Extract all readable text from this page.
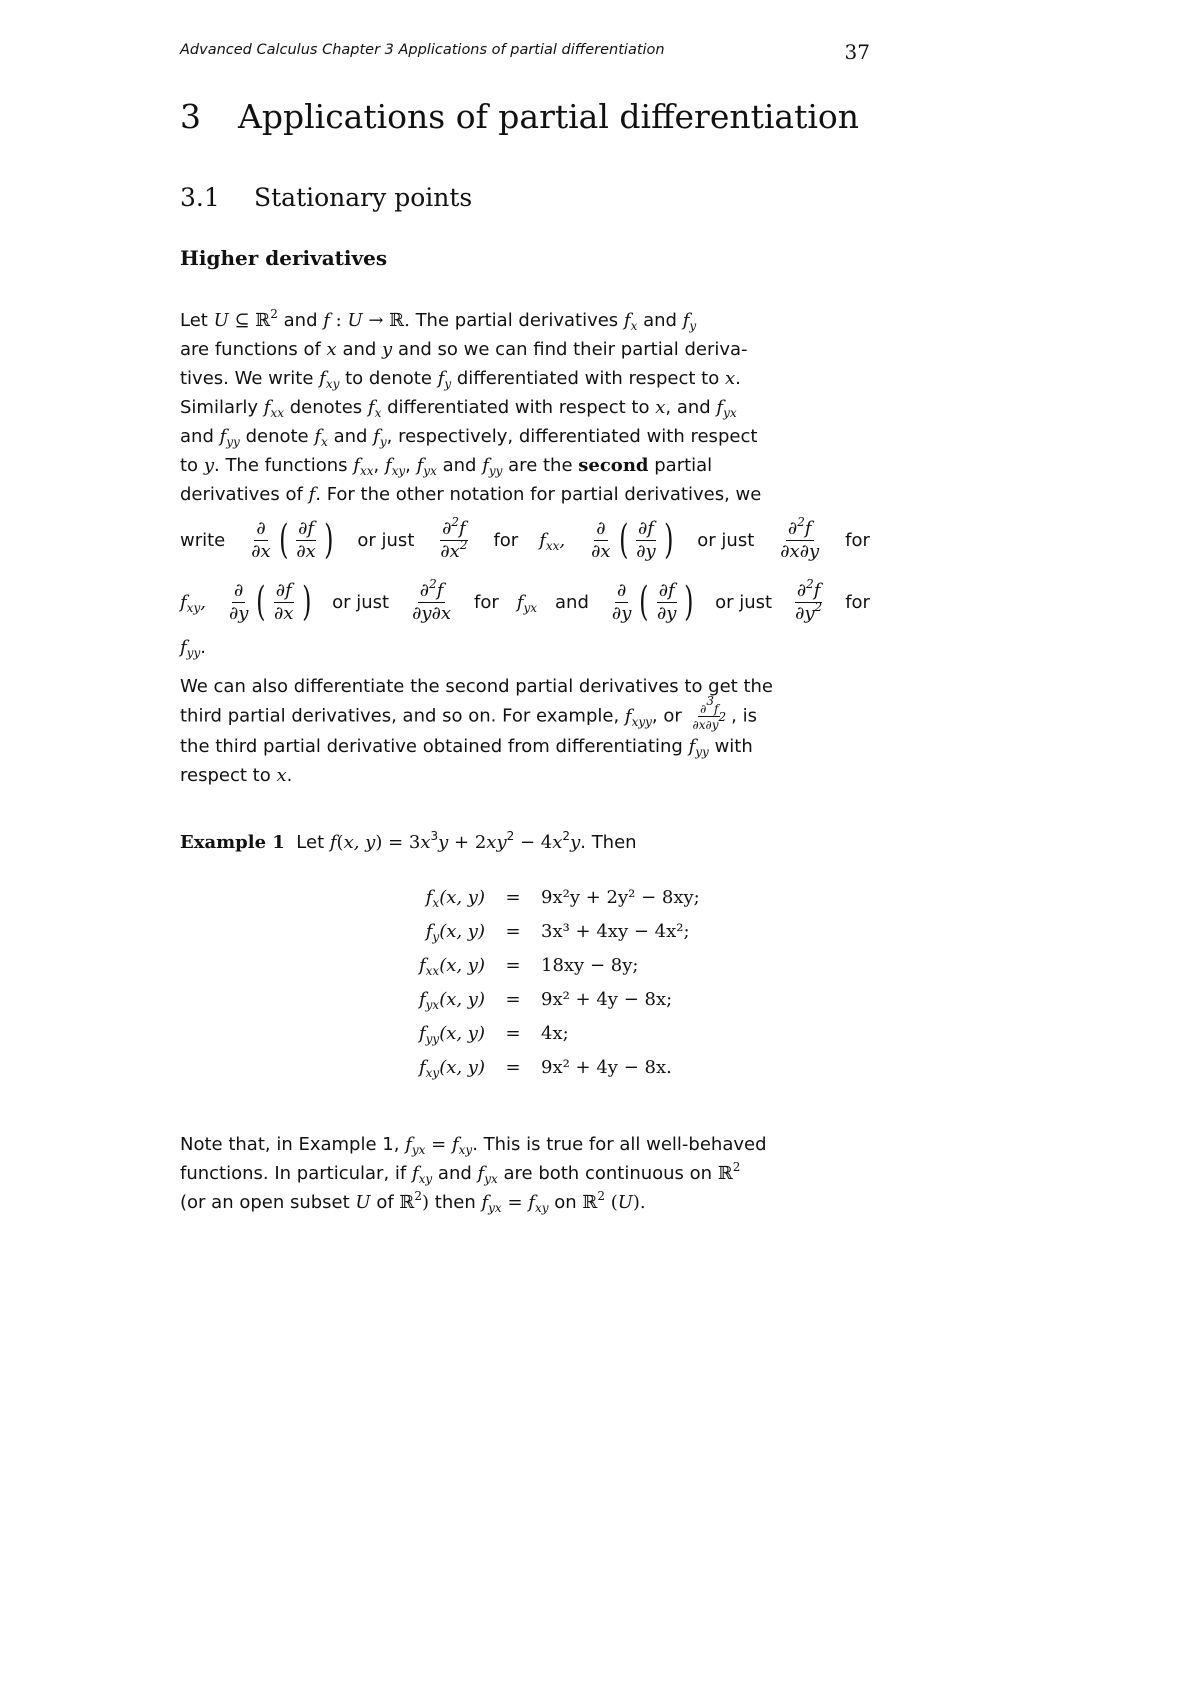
Advanced Calculus Chapter 3 Applications of partial differentiation	37
3 Applications of partial differentiation
3.1 Stationary points
Higher derivatives

Let U ⊆ ℝ$^2$ and f : U → ℝ. The partial derivatives $f_x$ and $f_y$

are functions of x and y and so we can find their partial deriva-

tives. We write $f_{xy}$ to denote $f_y$ differentiated with respect to x.

Similarly $f_{xx}$ denotes $f_x$ differentiated with respect to x, and $f_{yx}$

and $f_{yy}$ denote $f_x$ and $f_y$, respectively, differentiated with respect

to y. The functions $f_{xx}$, $f_{xy}$, $f_{yx}$ and $f_{yy}$ are the second partial

derivatives of f. For the other notation for partial derivatives, we

write $\frac{\partial}{\partial x}$ ( $\frac{\partial f}{\partial x}$ ) or just $\frac{\partial^2f}{\partial x^2}$ for $f_{xx}$, $\frac{\partial}{\partial x}$ ( $\frac{\partial f}{\partial y}$ ) or just $\frac{\partial^2f}{\partial x\partial y}$ for
$f_{xy}$, $\frac{\partial}{\partial y}$ ( $\frac{\partial f}{\partial x}$ ) or just $\frac{\partial^2f}{\partial y\partial x}$ for $f_{yx}$ and $\frac{\partial}{\partial y}$ ( $\frac{\partial f}{\partial y}$ ) or just $\frac{\partial^2f}{\partial y^2}$ for

$f_{yy}$.

We can also differentiate the second partial derivatives to get the

third partial derivatives, and so on. For example, $f_{xyy}$, or $\frac{\partial^3f}{\partial x\partial y^2}$ , is

the third partial derivative obtained from differentiating $f_{yy}$ with

respect to x.

Example 1 Let f(x, $y) = 3x^3y + 2xy^2 - 4x^2y$. Then

$f_x(x$, y)	=	9x²y + 2y² − 8xy;
$f_y(x$, y)	=	3x³ + 4xy − 4x²;
$f_{xx}(x$, y)	=	18xy − 8y;
$f_{yx}(x$, y)	=	9x² + 4y − 8x;
$f_{yy}(x$, y)	=	4x;
$f_{xy}(x$, y)	=	9x² + 4y − 8x.

Note that, in Example 1, $f_{yx} = f_{xy}$. This is true for all well-behaved

functions. In particular, if $f_{xy}$ and $f_{yx}$ are both continuous on ℝ$^2$

(or an open subset U of ℝ$^2$) then $f_{yx} = f_{xy}$ on ℝ$^2$ (U).
